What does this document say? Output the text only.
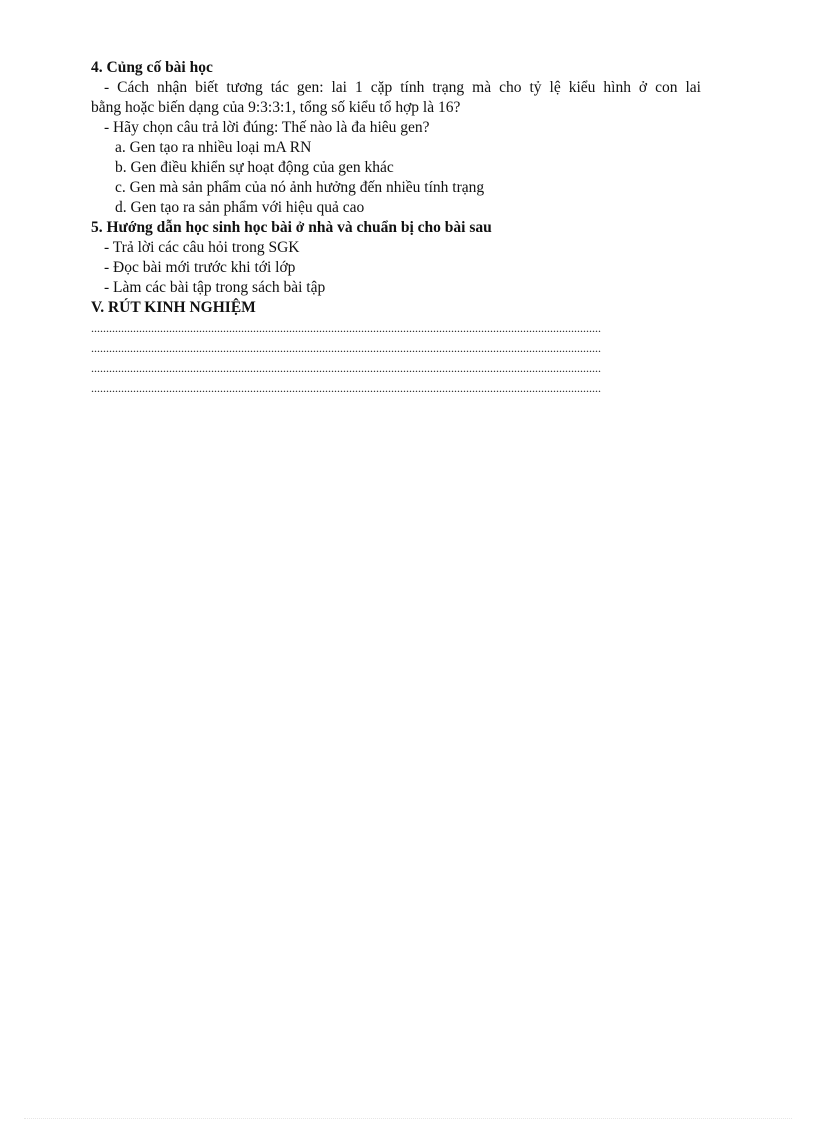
4. Củng cố bài học
- Cách nhận biết tương tác gen: lai 1 cặp tính trạng mà cho tỷ lệ kiểu hình ở con lai
bằng hoặc biến dạng của 9:3:3:1, tổng số kiểu tổ hợp là 16?
- Hãy chọn câu trả lời đúng: Thế nào là đa hiêu gen?
a. Gen tạo ra nhiều loại mA RN
b. Gen điều khiển sự hoạt động của gen khác
c. Gen mà sản phẩm của nó ảnh hưởng đến nhiều tính trạng
d. Gen tạo ra sản phẩm với hiệu quả cao
5. Hướng dẫn học sinh học bài ở nhà và chuẩn bị cho bài sau
- Trả lời các câu hỏi trong SGK
- Đọc bài mới trước khi tới lớp
- Làm các bài tập trong sách bài tập
V. RÚT KINH NGHIỆM
..........................................................................................................................................................................
..........................................................................................................................................................................
..........................................................................................................................................................................
..........................................................................................................................................................................
